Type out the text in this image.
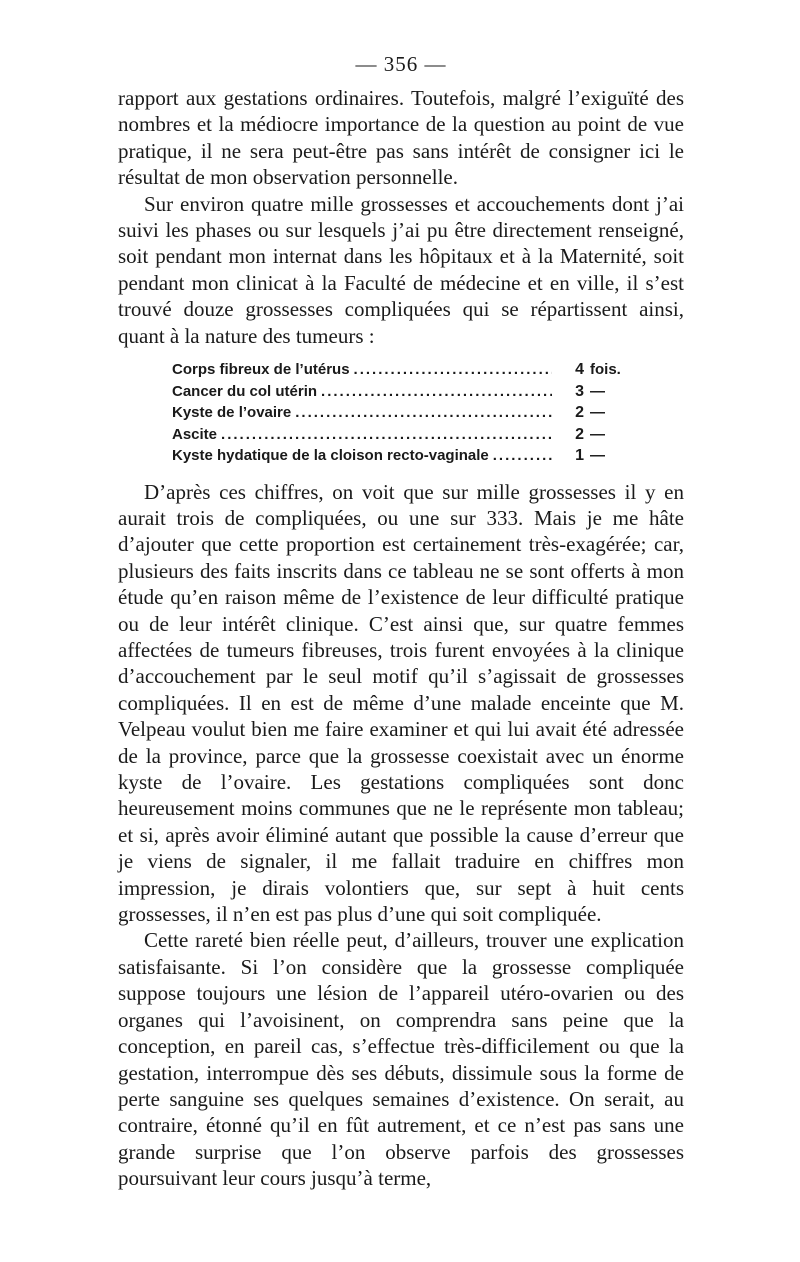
— 356 —

rapport aux gestations ordinaires. Toutefois, malgré l’exiguïté des nombres et la médiocre importance de la question au point de vue pratique, il ne sera peut-être pas sans intérêt de consigner ici le résultat de mon observation personnelle.

Sur environ quatre mille grossesses et accouchements dont j’ai suivi les phases ou sur lesquels j’ai pu être directement renseigné, soit pendant mon internat dans les hôpitaux et à la Maternité, soit pendant mon clinicat à la Faculté de médecine et en ville, il s’est trouvé douze grossesses compliquées qui se répartissent ainsi, quant à la nature des tumeurs :

Corps fibreux de l’utérus .....	4 fois.
Cancer du col utérin .....	3 —
Kyste de l’ovaire .....	2 —
Ascite .....	2 —
Kyste hydatique de la cloison recto-vaginale .....	1 —

D’après ces chiffres, on voit que sur mille grossesses il y en aurait trois de compliquées, ou une sur 333. Mais je me hâte d’ajouter que cette proportion est certainement très-exagérée; car, plusieurs des faits inscrits dans ce tableau ne se sont offerts à mon étude qu’en raison même de l’existence de leur difficulté pratique ou de leur intérêt clinique. C’est ainsi que, sur quatre femmes affectées de tumeurs fibreuses, trois furent envoyées à la clinique d’accouchement par le seul motif qu’il s’agissait de grossesses compliquées. Il en est de même d’une malade enceinte que M. Velpeau voulut bien me faire examiner et qui lui avait été adressée de la province, parce que la grossesse coexistait avec un énorme kyste de l’ovaire. Les gestations compliquées sont donc heureusement moins communes que ne le représente mon tableau; et si, après avoir éliminé autant que possible la cause d’erreur que je viens de signaler, il me fallait traduire en chiffres mon impression, je dirais volontiers que, sur sept à huit cents grossesses, il n’en est pas plus d’une qui soit compliquée.

Cette rareté bien réelle peut, d’ailleurs, trouver une explication satisfaisante. Si l’on considère que la grossesse compliquée suppose toujours une lésion de l’appareil utéro-ovarien ou des organes qui l’avoisinent, on comprendra sans peine que la conception, en pareil cas, s’effectue très-difficilement ou que la gestation, interrompue dès ses débuts, dissimule sous la forme de perte sanguine ses quelques semaines d’existence. On serait, au contraire, étonné qu’il en fût autrement, et ce n’est pas sans une grande surprise que l’on observe parfois des grossesses poursuivant leur cours jusqu’à terme,
